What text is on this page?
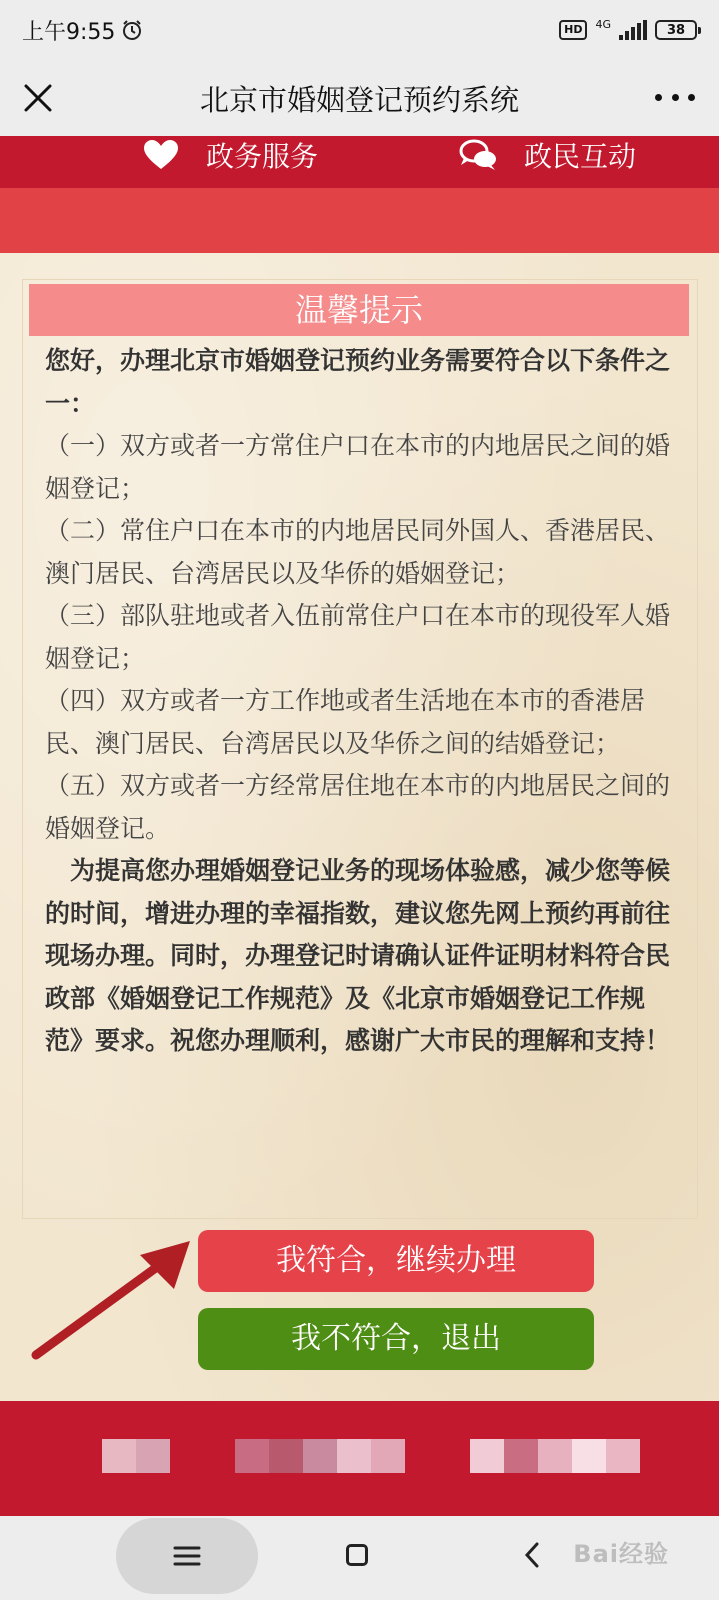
上午9:55	HD	4G	38
北京市婚姻登记预约系统
政务服务	政民互动
温馨提示

您好，办理北京市婚姻登记预约业务需要符合以下条件之一：

（一）双方或者一方常住户口在本市的内地居民之间的婚姻登记；

（二）常住户口在本市的内地居民同外国人、香港居民、澳门居民、台湾居民以及华侨的婚姻登记；

（三）部队驻地或者入伍前常住户口在本市的现役军人婚姻登记；

（四）双方或者一方工作地或者生活地在本市的香港居民、澳门居民、台湾居民以及华侨之间的结婚登记；

（五）双方或者一方经常居住地在本市的内地居民之间的婚姻登记。

为提高您办理婚姻登记业务的现场体验感，减少您等候的时间，增进办理的幸福指数，建议您先网上预约再前往现场办理。同时，办理登记时请确认证件证明材料符合民政部《婚姻登记工作规范》及《北京市婚姻登记工作规范》要求。祝您办理顺利，感谢广大市民的理解和支持！

我符合，继续办理
我不符合，退出
Bai经验
